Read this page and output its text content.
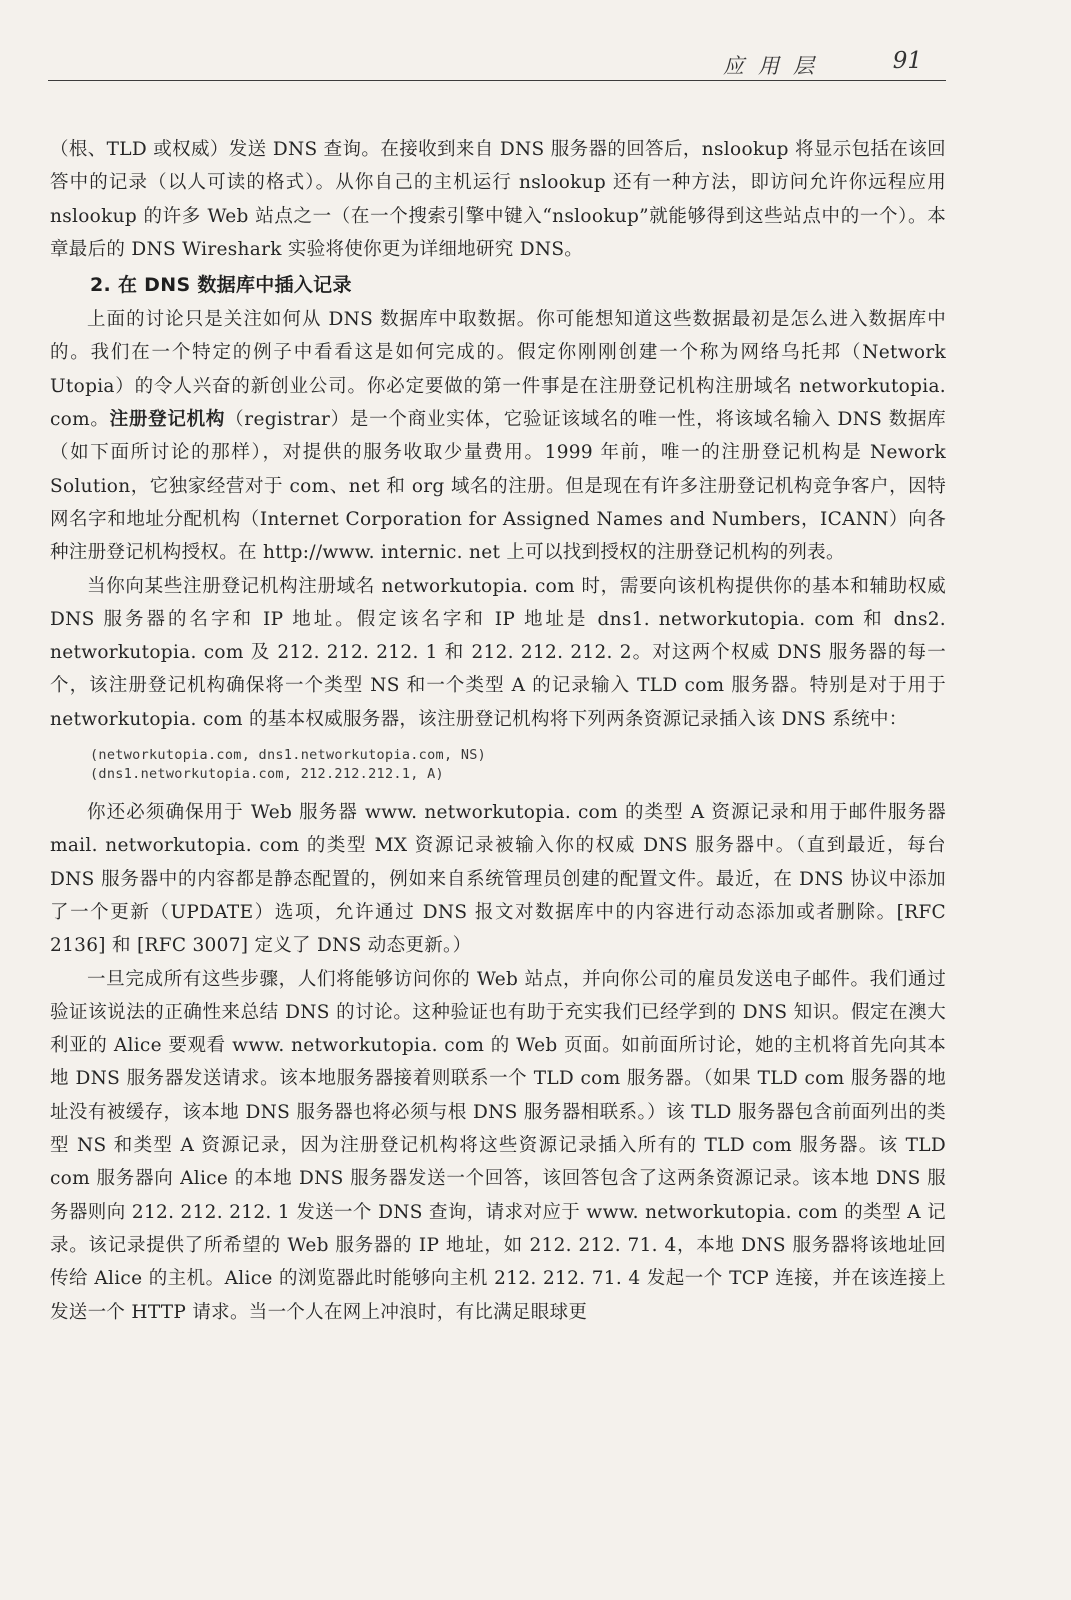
应用层	91

（根、TLD 或权威）发送 DNS 查询。在接收到来自 DNS 服务器的回答后，nslookup 将显示包括在该回答中的记录（以人可读的格式）。从你自己的主机运行 nslookup 还有一种方法，即访问允许你远程应用 nslookup 的许多 Web 站点之一（在一个搜索引擎中键入“nslookup”就能够得到这些站点中的一个）。本章最后的 DNS Wireshark 实验将使你更为详细地研究 DNS。

2. 在 DNS 数据库中插入记录

上面的讨论只是关注如何从 DNS 数据库中取数据。你可能想知道这些数据最初是怎么进入数据库中的。我们在一个特定的例子中看看这是如何完成的。假定你刚刚创建一个称为网络乌托邦（Network Utopia）的令人兴奋的新创业公司。你必定要做的第一件事是在注册登记机构注册域名 networkutopia. com。注册登记机构（registrar）是一个商业实体，它验证该域名的唯一性，将该域名输入 DNS 数据库（如下面所讨论的那样），对提供的服务收取少量费用。1999 年前，唯一的注册登记机构是 Nework Solution，它独家经营对于 com、net 和 org 域名的注册。但是现在有许多注册登记机构竞争客户，因特网名字和地址分配机构（Internet Corporation for Assigned Names and Numbers，ICANN）向各种注册登记机构授权。在 http://www. internic. net 上可以找到授权的注册登记机构的列表。

当你向某些注册登记机构注册域名 networkutopia. com 时，需要向该机构提供你的基本和辅助权威 DNS 服务器的名字和 IP 地址。假定该名字和 IP 地址是 dns1. networkutopia. com 和 dns2. networkutopia. com 及 212. 212. 212. 1 和 212. 212. 212. 2。对这两个权威 DNS 服务器的每一个，该注册登记机构确保将一个类型 NS 和一个类型 A 的记录输入 TLD com 服务器。特别是对于用于 networkutopia. com 的基本权威服务器，该注册登记机构将下列两条资源记录插入该 DNS 系统中：

(networkutopia.com, dns1.networkutopia.com, NS)
(dns1.networkutopia.com, 212.212.212.1, A)

你还必须确保用于 Web 服务器 www. networkutopia. com 的类型 A 资源记录和用于邮件服务器 mail. networkutopia. com 的类型 MX 资源记录被输入你的权威 DNS 服务器中。（直到最近，每台 DNS 服务器中的内容都是静态配置的，例如来自系统管理员创建的配置文件。最近，在 DNS 协议中添加了一个更新（UPDATE）选项，允许通过 DNS 报文对数据库中的内容进行动态添加或者删除。[RFC 2136] 和 [RFC 3007] 定义了 DNS 动态更新。）

一旦完成所有这些步骤，人们将能够访问你的 Web 站点，并向你公司的雇员发送电子邮件。我们通过验证该说法的正确性来总结 DNS 的讨论。这种验证也有助于充实我们已经学到的 DNS 知识。假定在澳大利亚的 Alice 要观看 www. networkutopia. com 的 Web 页面。如前面所讨论，她的主机将首先向其本地 DNS 服务器发送请求。该本地服务器接着则联系一个 TLD com 服务器。（如果 TLD com 服务器的地址没有被缓存，该本地 DNS 服务器也将必须与根 DNS 服务器相联系。）该 TLD 服务器包含前面列出的类型 NS 和类型 A 资源记录，因为注册登记机构将这些资源记录插入所有的 TLD com 服务器。该 TLD com 服务器向 Alice 的本地 DNS 服务器发送一个回答，该回答包含了这两条资源记录。该本地 DNS 服务器则向 212. 212. 212. 1 发送一个 DNS 查询，请求对应于 www. networkutopia. com 的类型 A 记录。该记录提供了所希望的 Web 服务器的 IP 地址，如 212. 212. 71. 4，本地 DNS 服务器将该地址回传给 Alice 的主机。Alice 的浏览器此时能够向主机 212. 212. 71. 4 发起一个 TCP 连接，并在该连接上发送一个 HTTP 请求。当一个人在网上冲浪时，有比满足眼球更
